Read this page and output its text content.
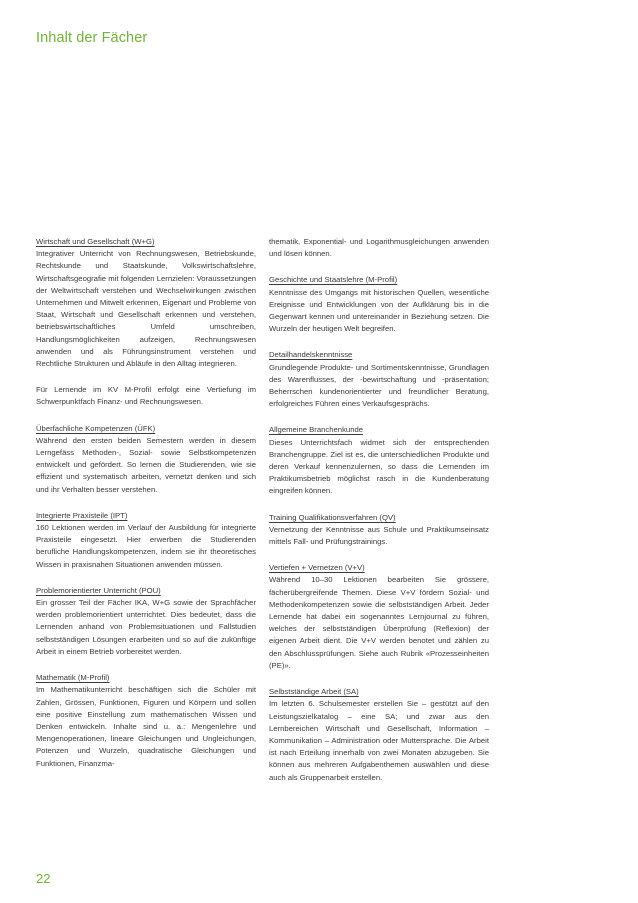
Inhalt der Fächer

Wirtschaft und Gesellschaft (W+G)

Integrativer Unterricht von Rechnungswesen, Betriebskunde, Rechtskunde und Staatskunde, Volkswirtschaftslehre, Wirtschaftsgeografie mit folgenden Lernzielen: Voraussetzungen der Weltwirtschaft verstehen und Wechselwirkungen zwischen Unternehmen und Mitwelt erkennen, Eigenart und Probleme von Staat, Wirtschaft und Gesellschaft erkennen und verstehen, betriebswirtschaftliches Umfeld umschreiben, Handlungsmöglichkeiten aufzeigen, Rechnungswesen anwenden und als Führungsinstrument verstehen und Rechtliche Strukturen und Abläufe in den Alltag integrieren.

Für Lernende im KV M-Profil erfolgt eine Vertiefung im Schwerpunktfach Finanz- und Rechnungswesen.

Überfachliche Kompetenzen (ÜFK)

Während den ersten beiden Semestern werden in diesem Lerngefäss Methoden-, Sozial- sowie Selbstkompetenzen entwickelt und gefördert. So lernen die Studierenden, wie sie effizient und systematisch arbeiten, vernetzt denken und sich und ihr Verhalten besser verstehen.

Integrierte Praxisteile (IPT)

160 Lektionen werden im Verlauf der Ausbildung für integrierte Praxisteile eingesetzt. Hier erwerben die Studierenden berufliche Handlungskompetenzen, indem sie ihr theoretisches Wissen in praxisnahen Situationen anwenden müssen.

Problemorientierter Unterricht (POU)

Ein grosser Teil der Fächer IKA, W+G sowie der Sprachfächer werden problemorientiert unterrichtet. Dies bedeutet, dass die Lernenden anhand von Problemsituationen und Fallstudien selbstständigen Lösungen erarbeiten und so auf die zukünftige Arbeit in einem Betrieb vorbereitet werden.

Mathematik (M-Profil)

Im Mathematikunterricht beschäftigen sich die Schüler mit Zahlen, Grössen, Funktionen, Figuren und Körpern und sollen eine positive Einstellung zum mathematischen Wissen und Denken entwickeln. Inhalte sind u. a.: Mengenlehre und Mengenoperationen, lineare Gleichungen und Ungleichungen, Potenzen und Wurzeln, quadratische Gleichungen und Funktionen, Finanzma-

thematik, Exponential- und Logarithmusgleichungen anwenden und lösen können.

Geschichte und Staatslehre (M-Profil)

Kenntnisse des Umgangs mit historischen Quellen, wesentliche Ereignisse und Entwicklungen von der Aufklärung bis in die Gegenwart kennen und untereinander in Beziehung setzen. Die Wurzeln der heutigen Welt begreifen.

Detailhandelskenntnisse

Grundlegende Produkte- und Sortimentskenntnisse, Grundlagen des Warenflusses, der -bewirtschaftung und -präsentation; Beherrschen kundenorientierter und freundlicher Beratung, erfolgreiches Führen eines Verkaufsgesprächs.

Allgemeine Branchenkunde

Dieses Unterrichtsfach widmet sich der entsprechenden Branchengruppe. Ziel ist es, die unterschiedlichen Produkte und deren Verkauf kennenzulernen, so dass die Lernenden im Praktikumsbetrieb möglichst rasch in die Kundenberatung eingreifen können.

Training Qualifikationsverfahren (QV)

Vernetzung der Kenntnisse aus Schule und Praktikumseinsatz mittels Fall- und Prüfungstrainings.

Vertiefen + Vernetzen (V+V)

Während 10–30 Lektionen bearbeiten Sie grössere, fächerübergreifende Themen. Diese V+V fördern Sozial- und Methodenkompetenzen sowie die selbstständigen Arbeit. Jeder Lernende hat dabei ein sogenanntes Lernjournal zu führen, welches der selbstständigen Überprüfung (Reflexion) der eigenen Arbeit dient. Die V+V werden benotet und zählen zu den Abschlussprüfungen. Siehe auch Rubrik «Prozesseinheiten (PE)».

Selbstständige Arbeit (SA)

Im letzten 6. Schulsemester erstellen Sie – gestützt auf den Leistungszielkatalog – eine SA; und zwar aus den Lernbereichen Wirtschaft und Gesellschaft, Information – Kommunikation – Administration oder Muttersprache. Die Arbeit ist nach Erteilung innerhalb von zwei Monaten abzugeben. Sie können aus mehreren Aufgabenthemen auswählen und diese auch als Gruppenarbeit erstellen.

22
